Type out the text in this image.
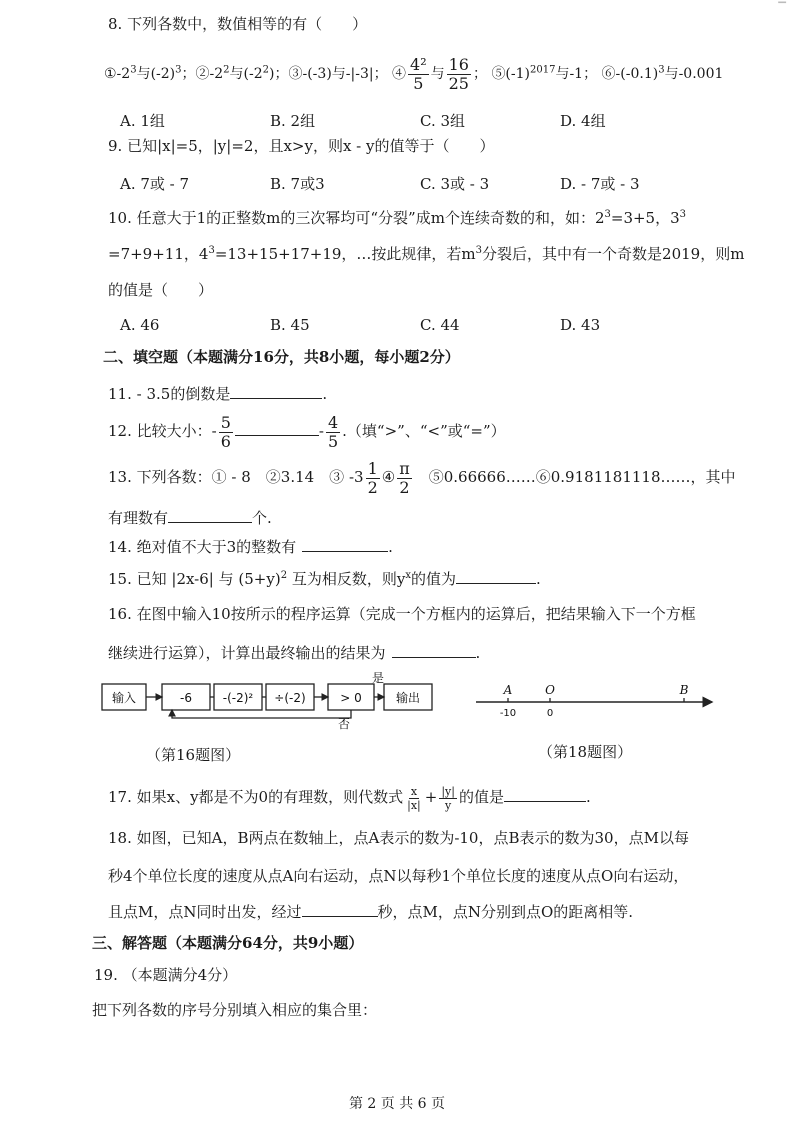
▔
8. 下列各数中，数值相等的有（　　）
$①-2^3$与$(-2)^3$；$②-2^2$与$(-2^2)$；③-(-3)与-|-3|； ④ $\frac{\text{4²}}{5}$ 与 $\frac{16}{25}$ ； $⑤(-1)^{2017}$与-1； $⑥-(-0.1)^3$与-0.001
A. 1组	B. 2组	C. 3组	D. 4组
9. 已知|x|=5，|y|=2，且x>y，则x - y的值等于（　　）
A. 7或 - 7	B. 7或3	C. 3或 - 3	D. - 7或 - 3
10. 任意大于1的正整数m的三次幂均可“分裂”成m个连续奇数的和，如：$2^3=3+5$，$3^3$
=7+9+11，$4^3=13+15+17+19$，…按此规律，若$m^3$分裂后，其中有一个奇数是2019，则m
的值是（　　）
A. 46	B. 45	C. 44	D. 43
二、填空题（本题满分16分，共8小题，每小题2分）
11. - 3.5的倒数是	.
12. 比较大小：- $\frac{5}{6}$	- $\frac{4}{5}$ .（填“>”、“<”或“=”）
13. 下列各数：① - 8　②3.14　③ $-3 \frac{1}{2}$ ④ $\frac{\pi}{2}$ 　⑤0.66666……⑥0.9181181118……，其中
有理数有	个.
14. 绝对值不大于3的整数有	.
15. 已知 |2x-6| 与 $(5+y)^2$ 互为相反数，则$y^x$的值为	.
16. 在图中输入10按所示的程序运算（完成一个方框内的运算后，把结果输入下一个方框
继续进行运算），计算出最终输出的结果为	.
输入	-6	-(-2)² ÷(-2)	> 0	输出
是
否
（第16题图）
A	O	B
-10	0
（第18题图）
17. 如果x、y都是不为0的有理数，则代数式 $\frac{x}{|x|} + \frac{|y|}{y}$ 的值是	.
18. 如图，已知A，B两点在数轴上，点A表示的数为-10，点B表示的数为30，点M以每
秒4个单位长度的速度从点A向右运动，点N以每秒1个单位长度的速度从点O向右运动，
且点M，点N同时出发，经过	秒，点M，点N分别到点O的距离相等.
三、解答题（本题满分64分，共9小题）
19. （本题满分4分）
把下列各数的序号分别填入相应的集合里：
第 2 页 共 6 页
